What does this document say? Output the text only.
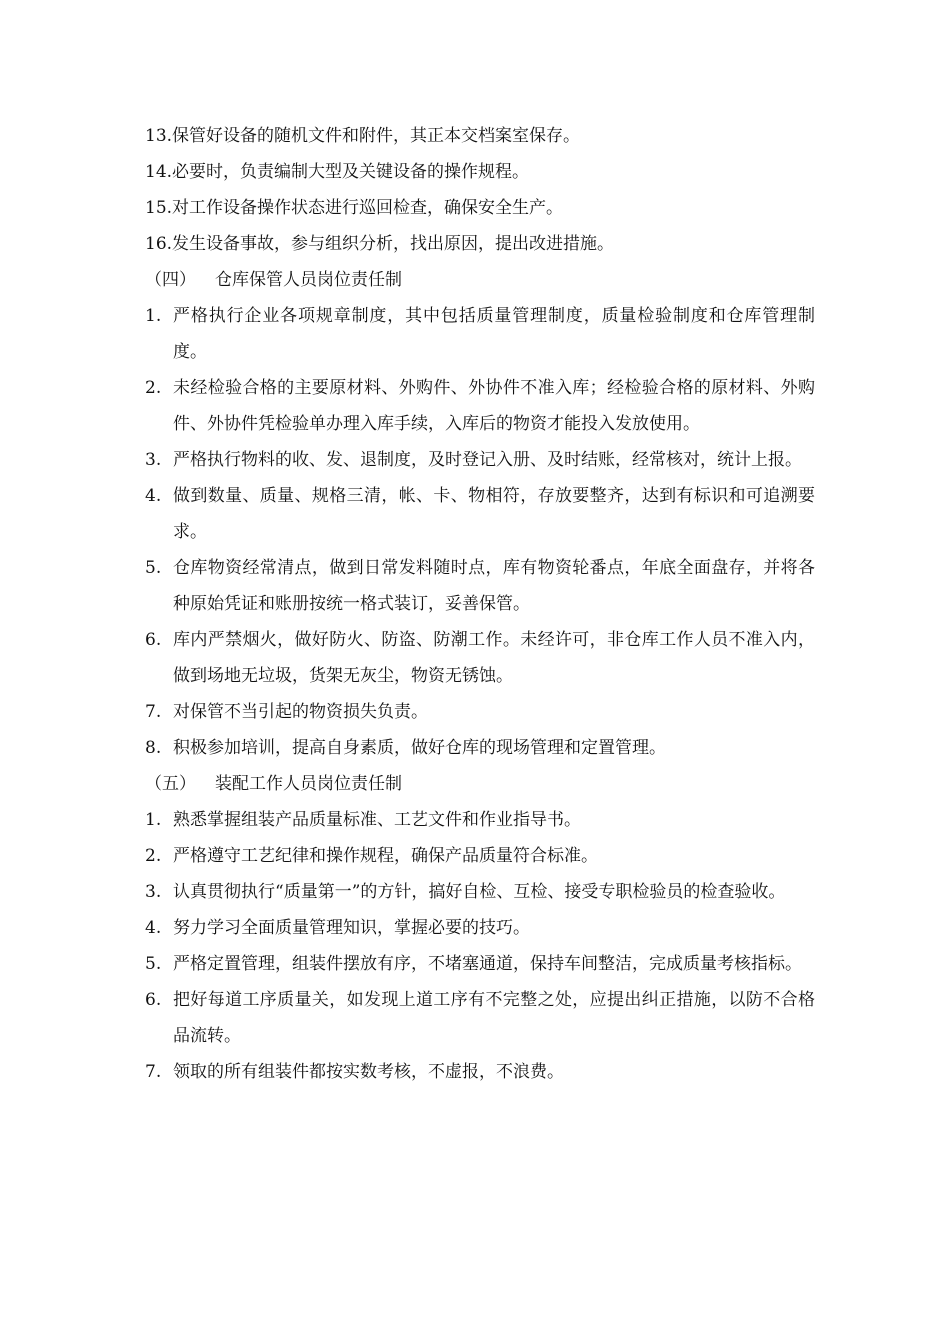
13. 保管好设备的随机文件和附件，其正本交档案室保存。
14. 必要时，负责编制大型及关键设备的操作规程。
15. 对工作设备操作状态进行巡回检查，确保安全生产。
16. 发生设备事故，参与组织分析，找出原因，提出改进措施。
（四） 仓库保管人员岗位责任制
1. 严格执行企业各项规章制度，其中包括质量管理制度，质量检验制度和仓库管理制度。
2. 未经检验合格的主要原材料、外购件、外协件不准入库；经检验合格的原材料、外购件、外协件凭检验单办理入库手续，入库后的物资才能投入发放使用。
3. 严格执行物料的收、发、退制度，及时登记入册、及时结账，经常核对，统计上报。
4. 做到数量、质量、规格三清，帐、卡、物相符，存放要整齐，达到有标识和可追溯要求。
5. 仓库物资经常清点，做到日常发料随时点，库有物资轮番点，年底全面盘存，并将各种原始凭证和账册按统一格式装订，妥善保管。
6. 库内严禁烟火，做好防火、防盗、防潮工作。未经许可，非仓库工作人员不准入内，做到场地无垃圾，货架无灰尘，物资无锈蚀。
7. 对保管不当引起的物资损失负责。
8. 积极参加培训，提高自身素质，做好仓库的现场管理和定置管理。
（五） 装配工作人员岗位责任制
1. 熟悉掌握组装产品质量标准、工艺文件和作业指导书。
2. 严格遵守工艺纪律和操作规程，确保产品质量符合标准。
3. 认真贯彻执行“质量第一”的方针，搞好自检、互检、接受专职检验员的检查验收。
4. 努力学习全面质量管理知识，掌握必要的技巧。
5. 严格定置管理，组装件摆放有序，不堵塞通道，保持车间整洁，完成质量考核指标。
6. 把好每道工序质量关，如发现上道工序有不完整之处，应提出纠正措施，以防不合格品流转。
7. 领取的所有组装件都按实数考核，不虚报，不浪费。
